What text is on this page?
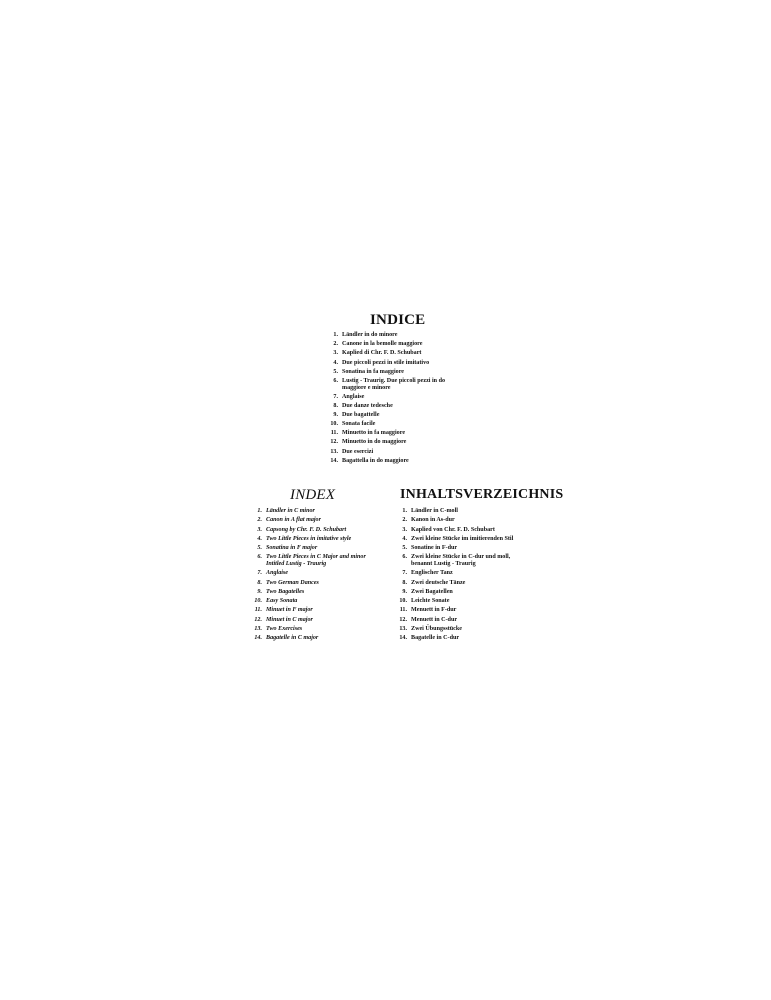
INDICE
1. Ländler in do minore
2. Canone in la bemolle maggiore
3. Kaplied di Chr. F. D. Schubart
4. Due piccoli pezzi in stile imitativo
5. Sonatina in fa maggiore
6. Lustig - Traurig. Due piccoli pezzi in do
maggiore e minore
7. Anglaise
8. Due danze tedesche
9. Due bagattelle
10. Sonata facile
11. Minuetto in fa maggiore
12. Minuetto in do maggiore
13. Due esercizi
14. Bagattella in do maggiore
INDEX
1. Ländler in C minor
2. Canon in A flat major
3. Capsong by Chr. F. D. Schubart
4. Two Little Pieces in imitative style
5. Sonatina in F major
6. Two Little Pieces in C Major and minor
Intitled Lustig - Traurig
7. Anglaise
8. Two German Dances
9. Two Bagatelles
10. Easy Sonata
11. Minuet in F major
12. Minuet in C major
13. Two Exercises
14. Bagatelle in C major
INHALTSVERZEICHNIS
1. Ländler in C-moll
2. Kanon in As-dur
3. Kaplied von Chr. F. D. Schubart
4. Zwei kleine Stücke im imitierenden Stil
5. Sonatine in F-dur
6. Zwei kleine Stücke in C-dur und moll,
benannt Lustig - Traurig
7. Englischer Tanz
8. Zwei deutsche Tänze
9. Zwei Bagatellen
10. Leichte Sonate
11. Menuett in F-dur
12. Menuett in C-dur
13. Zwei Übungsstücke
14. Bagatelle in C-dur
